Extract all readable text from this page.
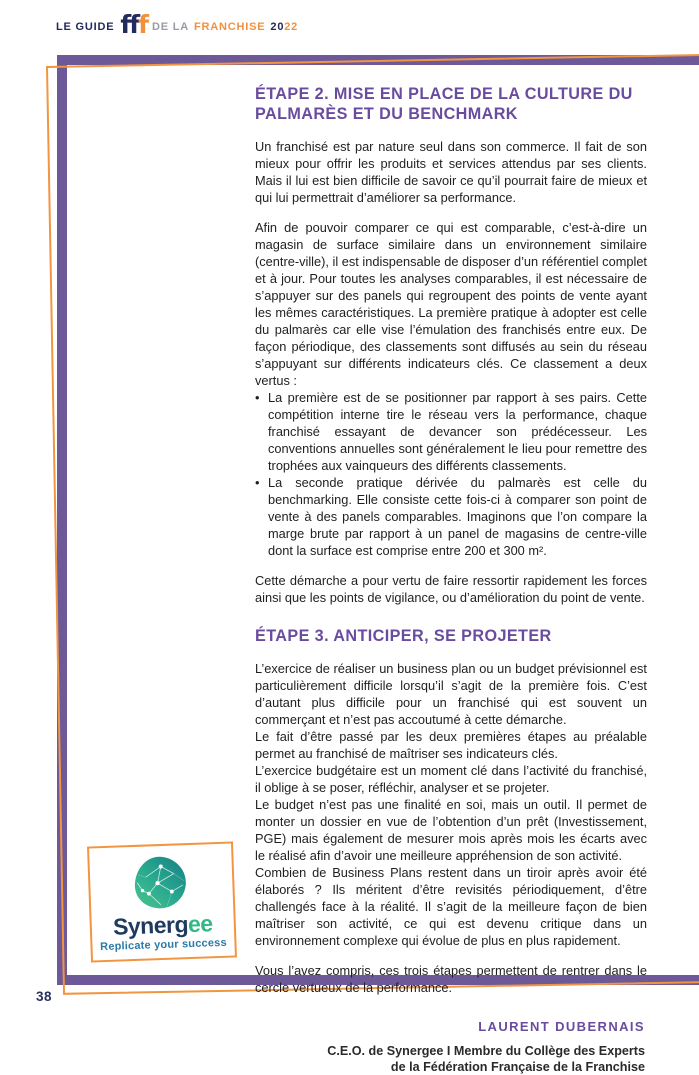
LE GUIDE fff DE LA FRANCHISE 20 22
ÉTAPE 2. MISE EN PLACE DE LA CULTURE DU PALMARÈS ET DU BENCHMARK

Un franchisé est par nature seul dans son commerce. Il fait de son mieux pour offrir les produits et services attendus par ses clients. Mais il lui est bien difficile de savoir ce qu’il pourrait faire de mieux et qui lui permettrait d’améliorer sa performance.

Afin de pouvoir comparer ce qui est comparable, c’est-à-dire un magasin de surface similaire dans un environnement similaire (centre-ville), il est indispensable de disposer d’un référentiel complet et à jour. Pour toutes les analyses comparables, il est nécessaire de s’appuyer sur des panels qui regroupent des points de vente ayant les mêmes caractéristiques. La première pratique à adopter est celle du palmarès car elle vise l’émulation des franchisés entre eux. De façon périodique, des classements sont diffusés au sein du réseau s’appuyant sur différents indicateurs clés. Ce classement a deux vertus :

• La première est de se positionner par rapport à ses pairs. Cette compétition interne tire le réseau vers la performance, chaque franchisé essayant de devancer son prédécesseur. Les conventions annuelles sont généralement le lieu pour remettre des trophées aux vainqueurs des différents classements.
• La seconde pratique dérivée du palmarès est celle du benchmarking. Elle consiste cette fois-ci à comparer son point de vente à des panels comparables. Imaginons que l’on compare la marge brute par rapport à un panel de magasins de centre-ville dont la surface est comprise entre 200 et 300 m².

Cette démarche a pour vertu de faire ressortir rapidement les forces ainsi que les points de vigilance, ou d’amélioration du point de vente.

ÉTAPE 3. ANTICIPER, SE PROJETER

L’exercice de réaliser un business plan ou un budget prévisionnel est particulièrement difficile lorsqu’il s’agit de la première fois. C’est d’autant plus difficile pour un franchisé qui est souvent un commerçant et n’est pas accoutumé à cette démarche.

Le fait d’être passé par les deux premières étapes au préalable permet au franchisé de maîtriser ses indicateurs clés.

L’exercice budgétaire est un moment clé dans l’activité du franchisé, il oblige à se poser, réfléchir, analyser et se projeter.

Le budget n’est pas une finalité en soi, mais un outil. Il permet de monter un dossier en vue de l’obtention d’un prêt (Investissement, PGE) mais également de mesurer mois après mois les écarts avec le réalisé afin d’avoir une meilleure appréhension de son activité.

Combien de Business Plans restent dans un tiroir après avoir été élaborés ? Ils méritent d’être revisités périodiquement, d’être challengés face à la réalité. Il s’agit de la meilleure façon de bien maîtriser son activité, ce qui est devenu critique dans un environnement complexe qui évolue de plus en plus rapidement.

Vous l’avez compris, ces trois étapes permettent de rentrer dans le cercle vertueux de la performance.

LAURENT DUBERNAIS
C.E.O. de Synergee I Membre du Collège des Experts
de la Fédération Française de la Franchise
Synergee
Replicate your success
38
